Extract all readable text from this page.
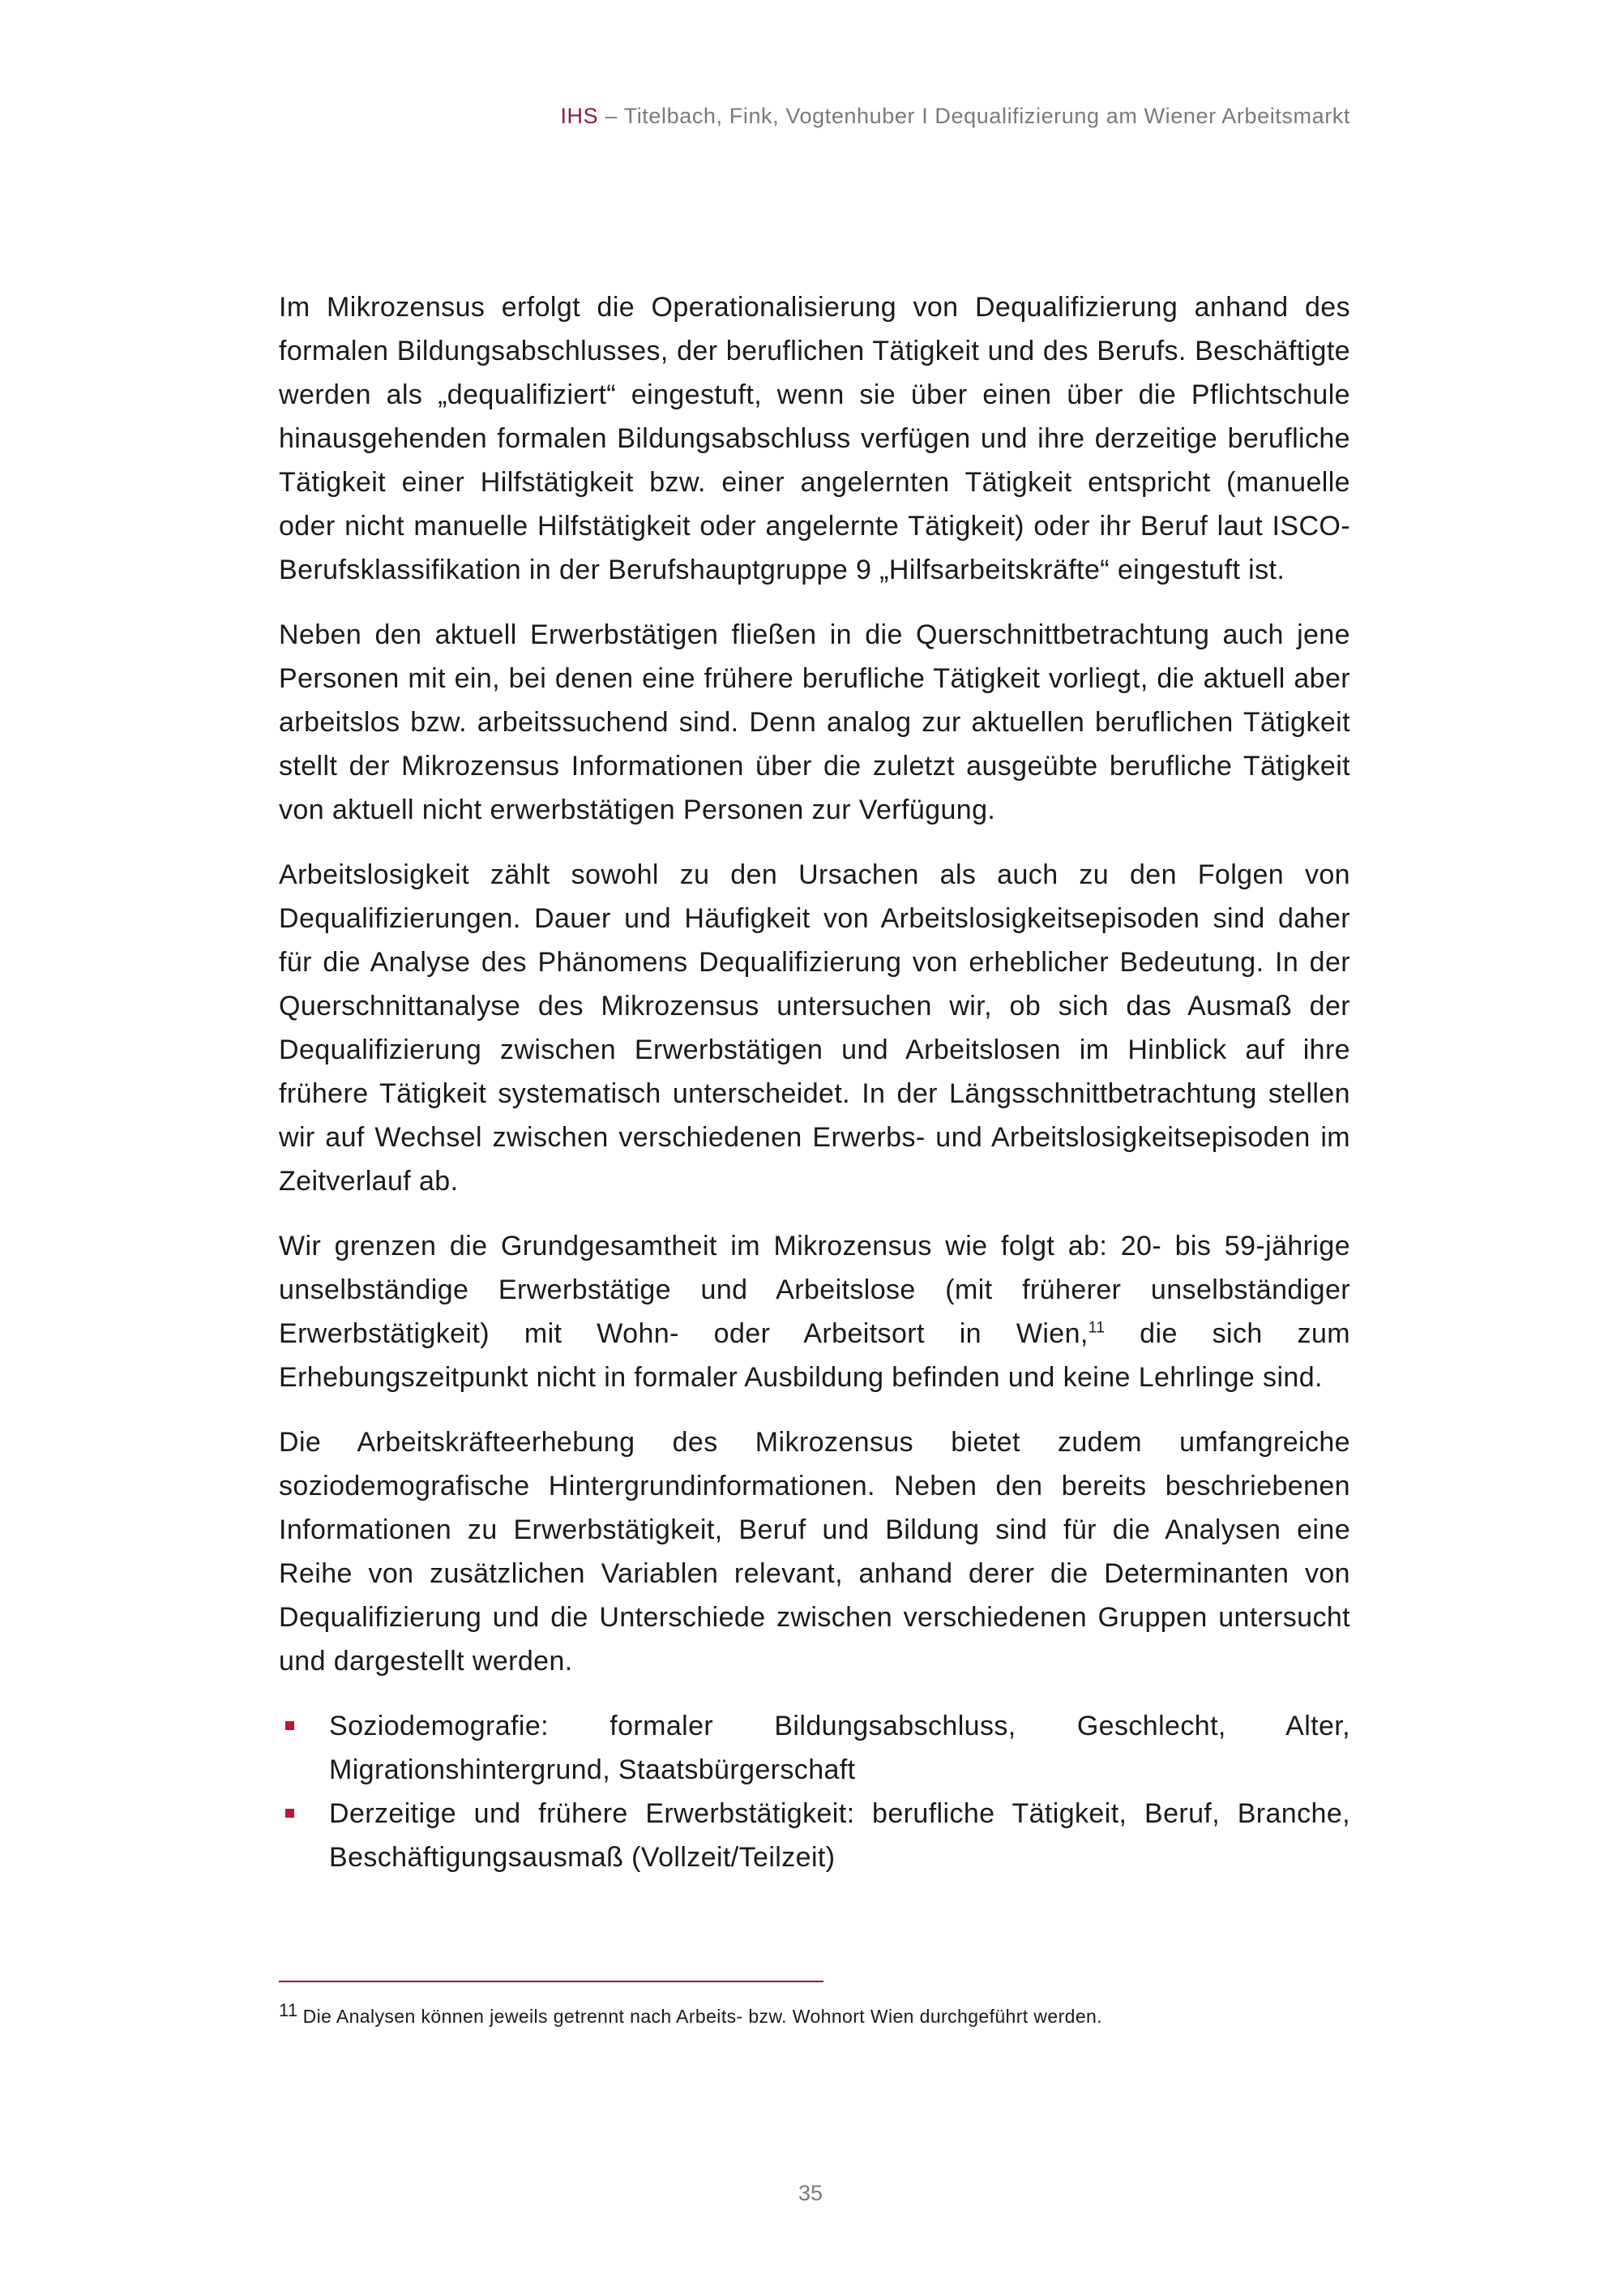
IHS – Titelbach, Fink, Vogtenhuber I Dequalifizierung am Wiener Arbeitsmarkt

Im Mikrozensus erfolgt die Operationalisierung von Dequalifizierung anhand des formalen Bildungsabschlusses, der beruflichen Tätigkeit und des Berufs. Beschäftigte werden als „dequalifiziert“ eingestuft, wenn sie über einen über die Pflichtschule hinausgehenden formalen Bildungsabschluss verfügen und ihre derzeitige berufliche Tätigkeit einer Hilfstätigkeit bzw. einer angelernten Tätigkeit entspricht (manuelle oder nicht manuelle Hilfstätigkeit oder angelernte Tätigkeit) oder ihr Beruf laut ISCO-Berufsklassifikation in der Berufshauptgruppe 9 „Hilfsarbeitskräfte“ eingestuft ist.

Neben den aktuell Erwerbstätigen fließen in die Querschnittbetrachtung auch jene Personen mit ein, bei denen eine frühere berufliche Tätigkeit vorliegt, die aktuell aber arbeitslos bzw. arbeitssuchend sind. Denn analog zur aktuellen beruflichen Tätigkeit stellt der Mikrozensus Informationen über die zuletzt ausgeübte berufliche Tätigkeit von aktuell nicht erwerbstätigen Personen zur Verfügung.

Arbeitslosigkeit zählt sowohl zu den Ursachen als auch zu den Folgen von Dequalifizierungen. Dauer und Häufigkeit von Arbeitslosigkeitsepisoden sind daher für die Analyse des Phänomens Dequalifizierung von erheblicher Bedeutung. In der Querschnittanalyse des Mikrozensus untersuchen wir, ob sich das Ausmaß der Dequalifizierung zwischen Erwerbstätigen und Arbeitslosen im Hinblick auf ihre frühere Tätigkeit systematisch unterscheidet. In der Längsschnittbetrachtung stellen wir auf Wechsel zwischen verschiedenen Erwerbs- und Arbeitslosigkeitsepisoden im Zeitverlauf ab.

Wir grenzen die Grundgesamtheit im Mikrozensus wie folgt ab: 20- bis 59-jährige unselbständige Erwerbstätige und Arbeitslose (mit früherer unselbständiger Erwerbstätigkeit) mit Wohn- oder Arbeitsort in Wien,$^{11}$ die sich zum Erhebungszeitpunkt nicht in formaler Ausbildung befinden und keine Lehrlinge sind.

Die Arbeitskräfteerhebung des Mikrozensus bietet zudem umfangreiche soziodemografische Hintergrundinformationen. Neben den bereits beschriebenen Informationen zu Erwerbstätigkeit, Beruf und Bildung sind für die Analysen eine Reihe von zusätzlichen Variablen relevant, anhand derer die Determinanten von Dequalifizierung und die Unterschiede zwischen verschiedenen Gruppen untersucht und dargestellt werden.

Soziodemografie: formaler Bildungsabschluss, Geschlecht, Alter, Migrationshintergrund, Staatsbürgerschaft
Derzeitige und frühere Erwerbstätigkeit: berufliche Tätigkeit, Beruf, Branche, Beschäftigungsausmaß (Vollzeit/Teilzeit)
$^{11}$ Die Analysen können jeweils getrennt nach Arbeits- bzw. Wohnort Wien durchgeführt werden.
35
